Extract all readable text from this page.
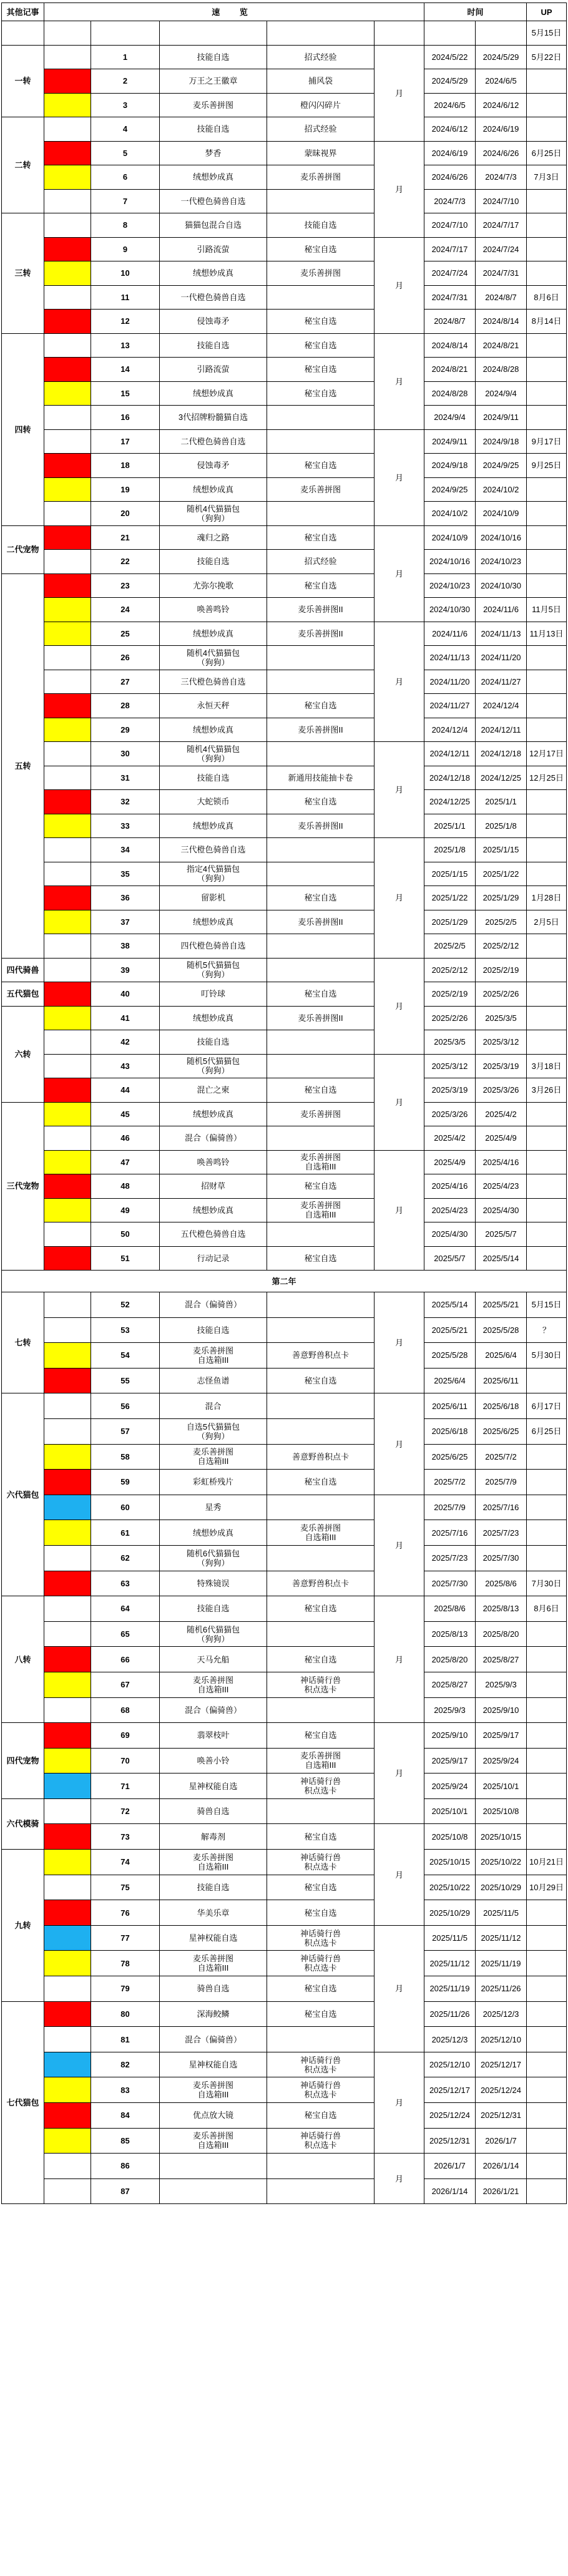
其他记事	速 览					时间		UP
								5月15日
一转		1	技能自选	招式经验	月	2024/5/22	2024/5/29	5月22日
		2	万王之王徽章	捕风袋		2024/5/29	2024/6/5	
		3	麦乐善拼图	橙闪闪碎片		2024/6/5	2024/6/12	
二转		4	技能自选	招式经验		2024/6/12	2024/6/19	
		5	梦香	蒙昧视界	月	2024/6/19	2024/6/26	6月25日
		6	绒想妙成真	麦乐善拼图		2024/6/26	2024/7/3	7月3日
		7	一代橙色骑兽自选			2024/7/3	2024/7/10	
三转		8	猫猫包混合自选	技能自选		2024/7/10	2024/7/17	
		9	引路流萤	秘宝自选	月	2024/7/17	2024/7/24	
		10	绒想妙成真	麦乐善拼图		2024/7/24	2024/7/31	
		11	一代橙色骑兽自选			2024/7/31	2024/8/7	8月6日
		12	侵蚀毒矛	秘宝自选		2024/8/7	2024/8/14	8月14日
四转		13	技能自选	秘宝自选	月	2024/8/14	2024/8/21	
		14	引路流萤	秘宝自选		2024/8/21	2024/8/28	
		15	绒想妙成真	秘宝自选		2024/8/28	2024/9/4	
		16	3代招牌粉髓猫自选			2024/9/4	2024/9/11	
		17	二代橙色骑兽自选		月	2024/9/11	2024/9/18	9月17日
		18	侵蚀毒矛	秘宝自选		2024/9/18	2024/9/25	9月25日
		19	绒想妙成真	麦乐善拼图		2024/9/25	2024/10/2	
		20	随机4代猫猫包
（狗狗）			2024/10/2	2024/10/9	
二代宠物		21	魂归之路	秘宝自选	月	2024/10/9	2024/10/16	
		22	技能自选	招式经验		2024/10/16	2024/10/23	
五转		23	尤弥尔挽歌	秘宝自选		2024/10/23	2024/10/30	
		24	唤善鸣铃	麦乐善拼图II		2024/10/30	2024/11/6	11月5日
		25	绒想妙成真	麦乐善拼图II	月	2024/11/6	2024/11/13	11月13日
		26	随机4代猫猫包
（狗狗）			2024/11/13	2024/11/20	
		27	三代橙色骑兽自选			2024/11/20	2024/11/27	
		28	永恒天秤	秘宝自选		2024/11/27	2024/12/4	
		29	绒想妙成真	麦乐善拼图II		2024/12/4	2024/12/11	
		30	随机4代猫猫包
（狗狗）		月	2024/12/11	2024/12/18	12月17日
		31	技能自选	新通用技能抽卡卷		2024/12/18	2024/12/25	12月25日
		32	大蛇锁币	秘宝自选		2024/12/25	2025/1/1	
		33	绒想妙成真	麦乐善拼图II		2025/1/1	2025/1/8	
		34	三代橙色骑兽自选		月	2025/1/8	2025/1/15	
		35	指定4代猫猫包
（狗狗）			2025/1/15	2025/1/22	
		36	留影机	秘宝自选		2025/1/22	2025/1/29	1月28日
		37	绒想妙成真	麦乐善拼图II		2025/1/29	2025/2/5	2月5日
		38	四代橙色骑兽自选			2025/2/5	2025/2/12	
四代骑兽		39	随机5代猫猫包
（狗狗）		月	2025/2/12	2025/2/19	
五代猫包		40	叮铃球	秘宝自选		2025/2/19	2025/2/26	
六转		41	绒想妙成真	麦乐善拼图II		2025/2/26	2025/3/5	
		42	技能自选			2025/3/5	2025/3/12	
		43	随机5代猫猫包
（狗狗）		月	2025/3/12	2025/3/19	3月18日
		44	混亡之柬	秘宝自选		2025/3/19	2025/3/26	3月26日
三代宠物		45	绒想妙成真	麦乐善拼图		2025/3/26	2025/4/2	
		46	混合（偏骑兽）			2025/4/2	2025/4/9	
		47	唤善鸣铃	麦乐善拼图
自选箱III	月	2025/4/9	2025/4/16	
		48	招财草	秘宝自选		2025/4/16	2025/4/23	
		49	绒想妙成真	麦乐善拼图
自选箱III		2025/4/23	2025/4/30	
		50	五代橙色骑兽自选			2025/4/30	2025/5/7	
		51	行动记录	秘宝自选		2025/5/7	2025/5/14	
第二年								
七转		52	混合（偏骑兽）		月	2025/5/14	2025/5/21	5月15日
		53	技能自选			2025/5/21	2025/5/28	？
		54	麦乐善拼图
自选箱III	善意野兽积点卡		2025/5/28	2025/6/4	5月30日
		55	志怪鱼谱	秘宝自选		2025/6/4	2025/6/11	
六代猫包		56	混合		月	2025/6/11	2025/6/18	6月17日
		57	自选5代猫猫包
（狗狗）			2025/6/18	2025/6/25	6月25日
		58	麦乐善拼图
自选箱III	善意野兽积点卡		2025/6/25	2025/7/2	
		59	彩虹桥残片	秘宝自选		2025/7/2	2025/7/9	
		60	星秀		月	2025/7/9	2025/7/16	
		61	绒想妙成真	麦乐善拼图
自选箱III		2025/7/16	2025/7/23	
		62	随机6代猫猫包
（狗狗）			2025/7/23	2025/7/30	
		63	特殊镜误	善意野兽积点卡		2025/7/30	2025/8/6	7月30日
八转		64	技能自选	秘宝自选	月	2025/8/6	2025/8/13	8月6日
		65	随机6代猫猫包
（狗狗）			2025/8/13	2025/8/20	
		66	天马允船	秘宝自选		2025/8/20	2025/8/27	
		67	麦乐善拼图
自选箱III	神话骑行兽
积点选卡		2025/8/27	2025/9/3	
		68	混合（偏骑兽）			2025/9/3	2025/9/10	
四代宠物		69	翡翠枝叶	秘宝自选	月	2025/9/10	2025/9/17	
		70	唤善小铃	麦乐善拼图
自选箱III		2025/9/17	2025/9/24	
		71	星神权能自选	神话骑行兽
积点选卡		2025/9/24	2025/10/1	
六代模骑		72	骑兽自选			2025/10/1	2025/10/8	
		73	解毒剂	秘宝自选	月	2025/10/8	2025/10/15	
九转		74	麦乐善拼图
自选箱III	神话骑行兽
积点选卡		2025/10/15	2025/10/22	10月21日
		75	技能自选	秘宝自选		2025/10/22	2025/10/29	10月29日
		76	华美乐章	秘宝自选		2025/10/29	2025/11/5	
		77	星神权能自选	神话骑行兽
积点选卡	月	2025/11/5	2025/11/12	
		78	麦乐善拼图
自选箱III	神话骑行兽
积点选卡		2025/11/12	2025/11/19	
		79	骑兽自选	秘宝自选		2025/11/19	2025/11/26	
七代猫包		80	深海鲛鳞	秘宝自选		2025/11/26	2025/12/3	
		81	混合（偏骑兽）			2025/12/3	2025/12/10	
		82	星神权能自选	神话骑行兽
积点选卡	月	2025/12/10	2025/12/17	
		83	麦乐善拼图
自选箱III	神话骑行兽
积点选卡		2025/12/17	2025/12/24	
		84	优点放大镜	秘宝自选		2025/12/24	2025/12/31	
		85	麦乐善拼图
自选箱III	神话骑行兽
积点选卡		2025/12/31	2026/1/7	
		86			月	2026/1/7	2026/1/14	
		87				2026/1/14	2026/1/21	
